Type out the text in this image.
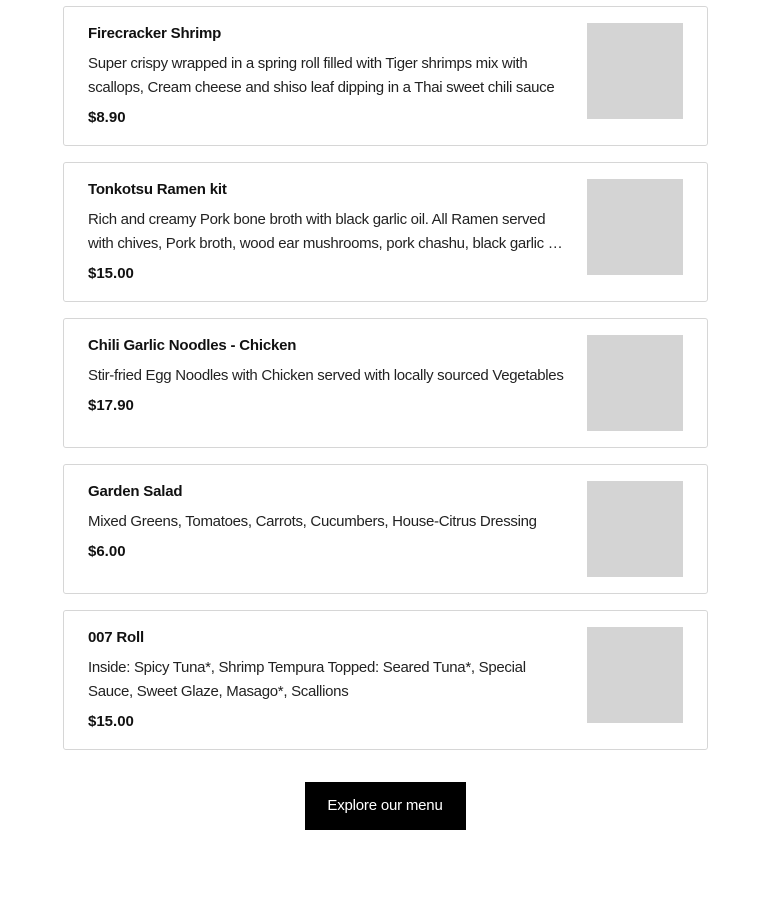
Firecracker Shrimp
Super crispy wrapped in a spring roll filled with Tiger shrimps mix with scallops, Cream cheese and shiso leaf dipping in a Thai sweet chili sauce
$8.90
Tonkotsu Ramen kit
Rich and creamy Pork bone broth with black garlic oil. All Ramen served with chives, Pork broth, wood ear mushrooms, pork chashu, black garlic oil,
$15.00
Chili Garlic Noodles - Chicken
Stir-fried Egg Noodles with Chicken served with locally sourced Vegetables
$17.90
Garden Salad
Mixed Greens, Tomatoes, Carrots, Cucumbers, House-Citrus Dressing
$6.00
007 Roll
Inside: Spicy Tuna*, Shrimp Tempura Topped: Seared Tuna*, Special Sauce, Sweet Glaze, Masago*, Scallions
$15.00
Explore our menu
